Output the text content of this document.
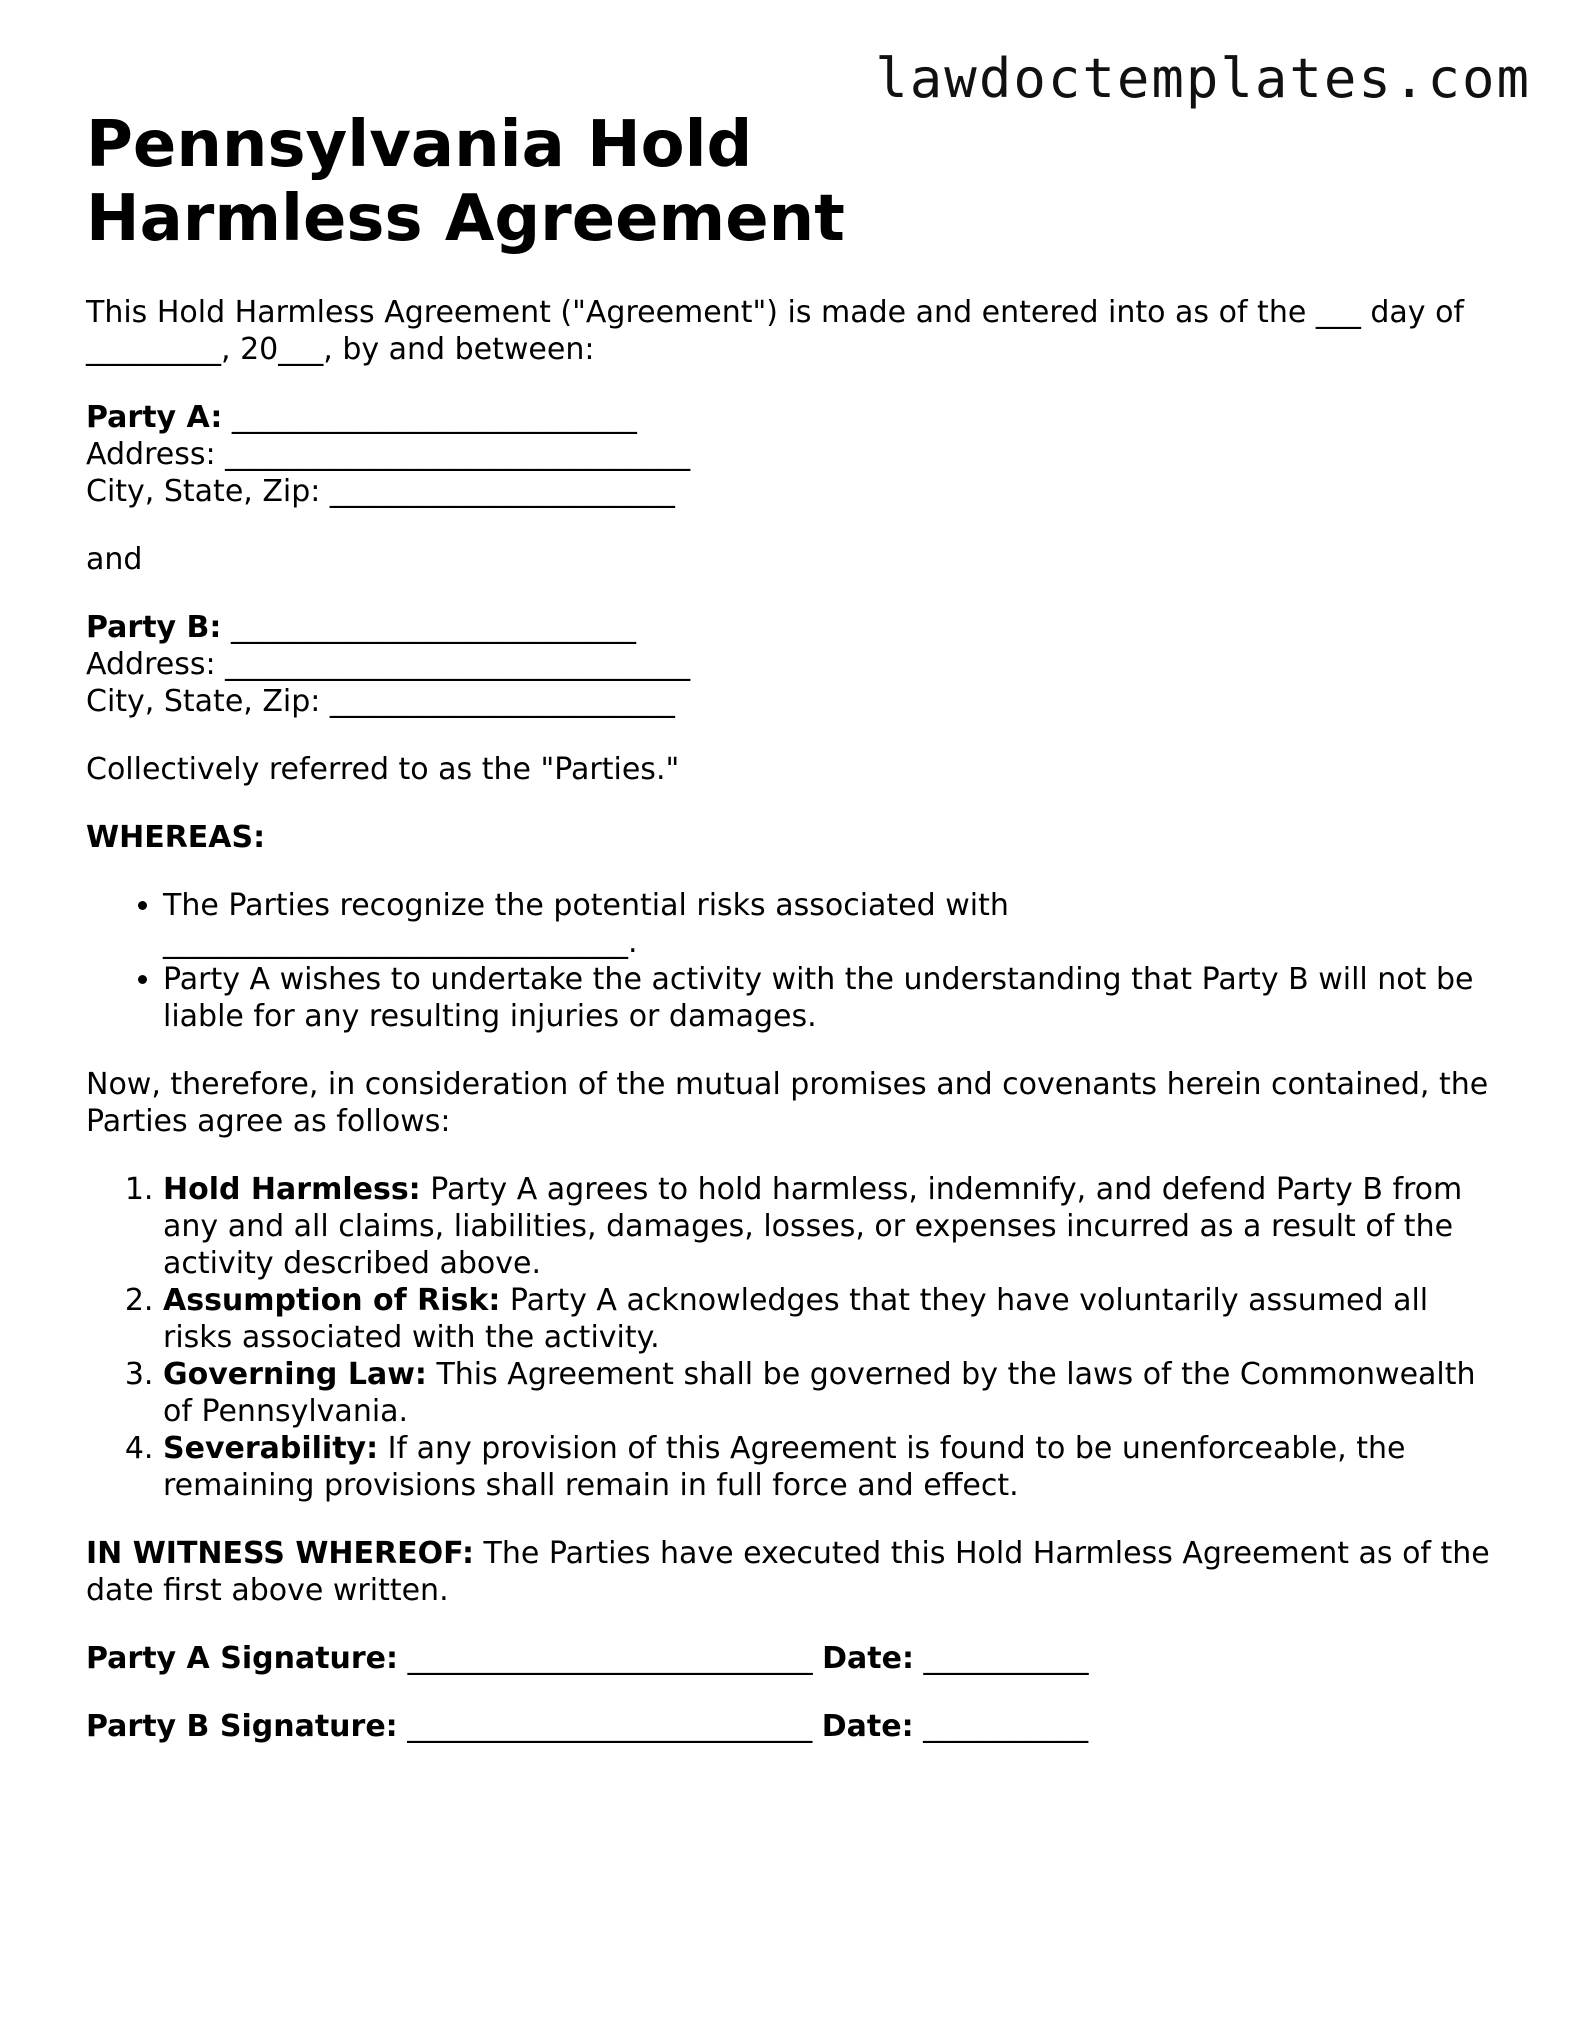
lawdoctemplates.com
Pennsylvania Hold Harmless Agreement

This Hold Harmless Agreement ("Agreement") is made and entered into as of the ___ day of _________, 20___, by and between:

Party A: ___________________________
Address: _______________________________
City, State, Zip: _______________________

and

Party B: ___________________________
Address: _______________________________
City, State, Zip: _______________________

Collectively referred to as the "Parties."

WHEREAS:

• The Parties recognize the potential risks associated with _______________________________.
• Party A wishes to undertake the activity with the understanding that Party B will not be liable for any resulting injuries or damages.

Now, therefore, in consideration of the mutual promises and covenants herein contained, the Parties agree as follows:

1. Hold Harmless: Party A agrees to hold harmless, indemnify, and defend Party B from any and all claims, liabilities, damages, losses, or expenses incurred as a result of the activity described above.
2. Assumption of Risk: Party A acknowledges that they have voluntarily assumed all risks associated with the activity.
3. Governing Law: This Agreement shall be governed by the laws of the Commonwealth of Pennsylvania.
4. Severability: If any provision of this Agreement is found to be unenforceable, the remaining provisions shall remain in full force and effect.

IN WITNESS WHEREOF: The Parties have executed this Hold Harmless Agreement as of the date first above written.

Party A Signature: ___________________________ Date: ___________
Party B Signature: ___________________________ Date: ___________
